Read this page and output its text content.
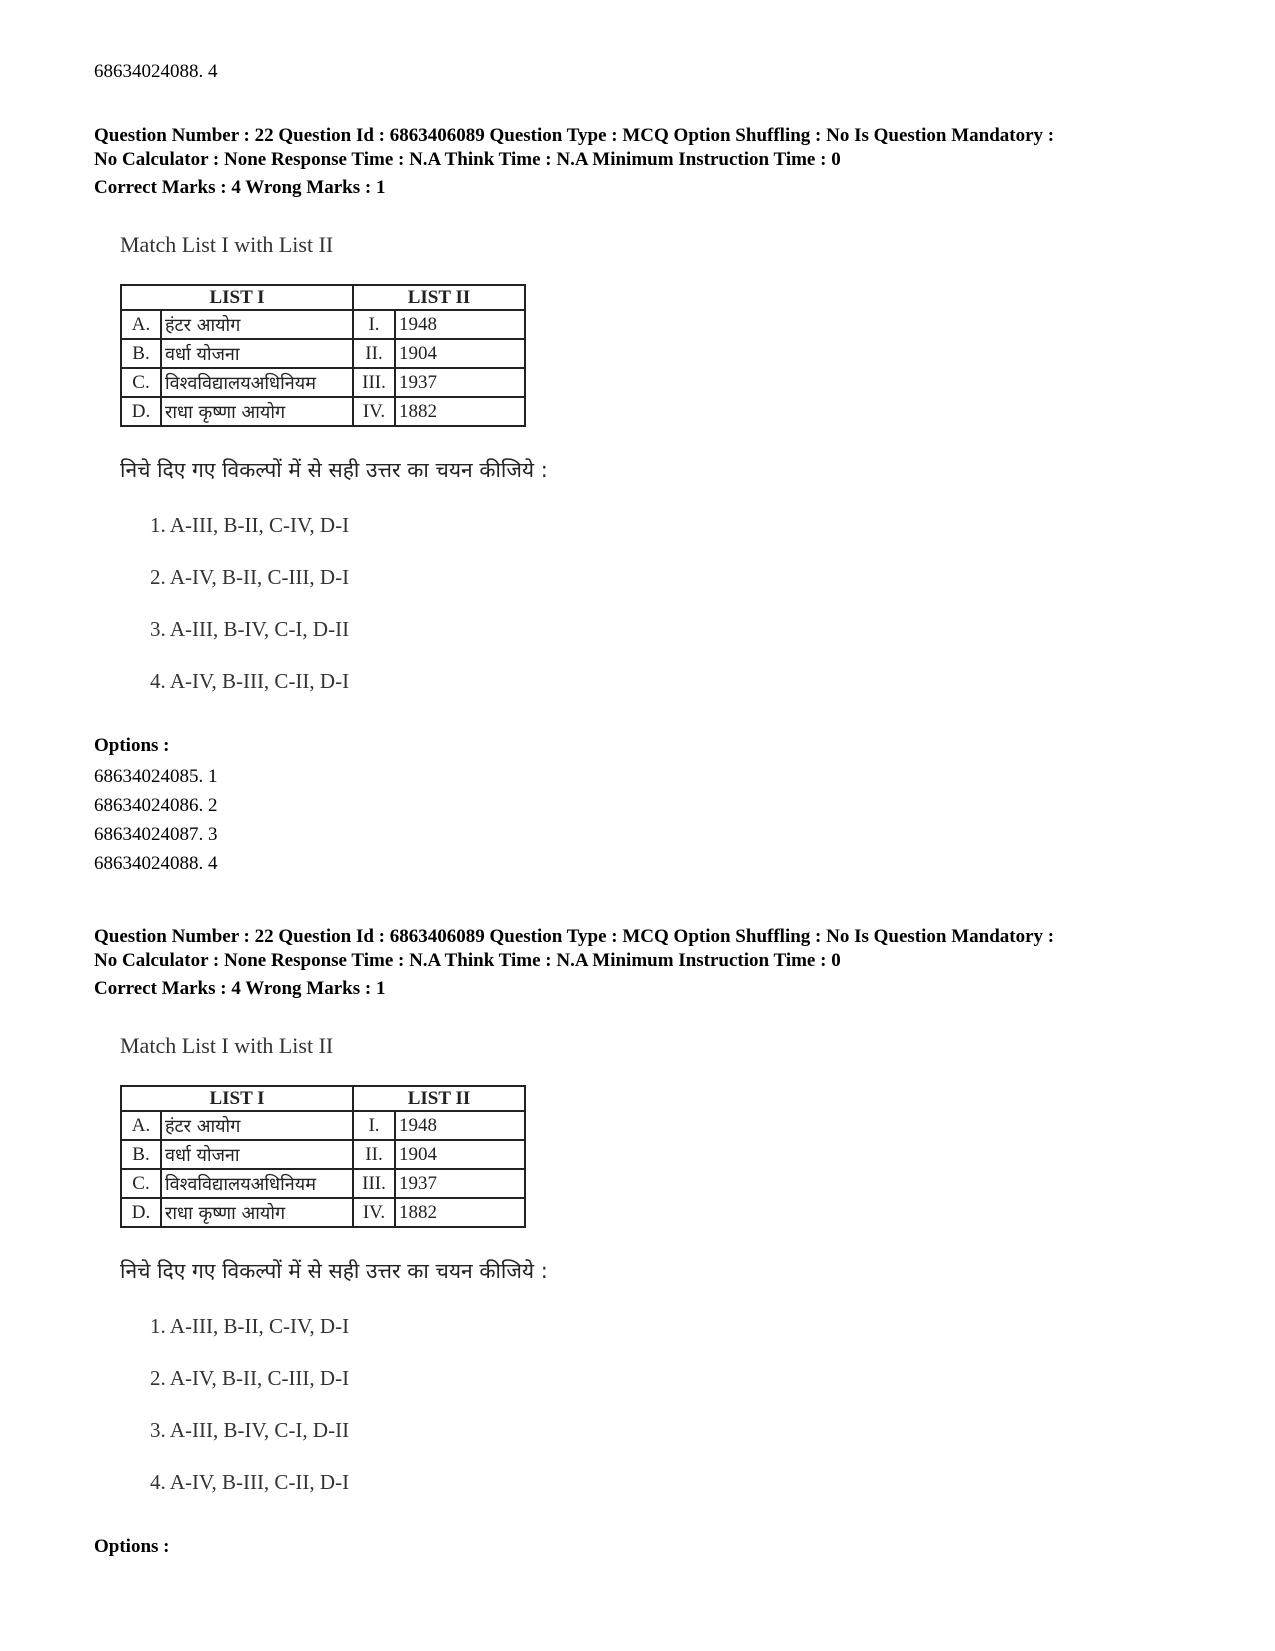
68634024088. 4
Question Number : 22 Question Id : 6863406089 Question Type : MCQ Option Shuffling : No Is Question Mandatory :
No Calculator : None Response Time : N.A Think Time : N.A Minimum Instruction Time : 0
Correct Marks : 4 Wrong Marks : 1
Match List I with List II
LIST I		LIST II	
A.	हंटर आयोग	I.	1948
B.	वर्धा योजना	II.	1904
C.	विश्वविद्यालयअधिनियम	III.	1937
D.	राधा कृष्णा आयोग	IV.	1882
निचे दिए गए विकल्पों में से सही उत्तर का चयन कीजिये :
1. A-III, B-II, C-IV, D-I
2. A-IV, B-II, C-III, D-I
3. A-III, B-IV, C-I, D-II
4. A-IV, B-III, C-II, D-I
Options :
68634024085. 1
68634024086. 2
68634024087. 3
68634024088. 4
Question Number : 22 Question Id : 6863406089 Question Type : MCQ Option Shuffling : No Is Question Mandatory :
No Calculator : None Response Time : N.A Think Time : N.A Minimum Instruction Time : 0
Correct Marks : 4 Wrong Marks : 1
Match List I with List II
LIST I		LIST II	
A.	हंटर आयोग	I.	1948
B.	वर्धा योजना	II.	1904
C.	विश्वविद्यालयअधिनियम	III.	1937
D.	राधा कृष्णा आयोग	IV.	1882
निचे दिए गए विकल्पों में से सही उत्तर का चयन कीजिये :
1. A-III, B-II, C-IV, D-I
2. A-IV, B-II, C-III, D-I
3. A-III, B-IV, C-I, D-II
4. A-IV, B-III, C-II, D-I
Options :
